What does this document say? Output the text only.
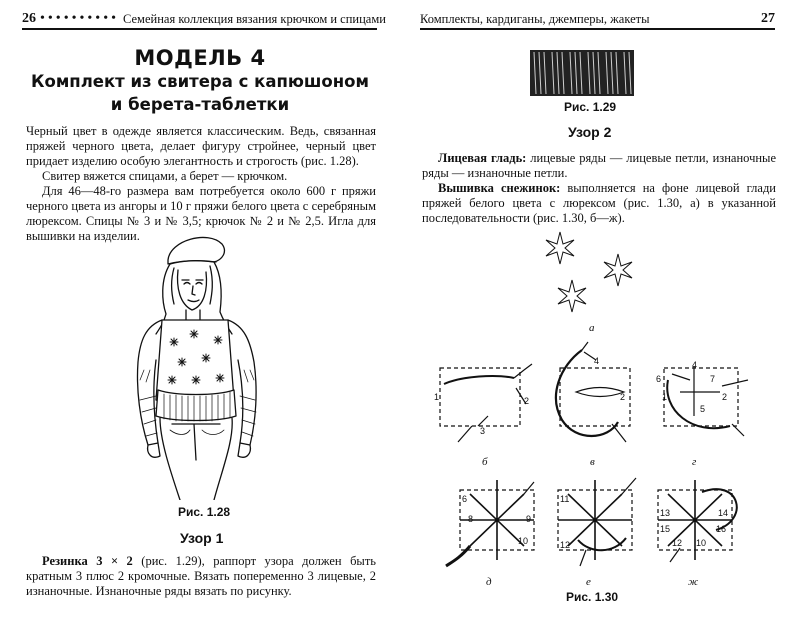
26 •••••••••• Семейная коллекция вязания крючком и спицами
МОДЕЛЬ 4
Комплект из свитера с капюшоном
и берета-таблетки

Черный цвет в одежде является классическим. Ведь, связанная пряжей черного цвета, делает фигуру стройнее, черный цвет придает изделию особую элегантность и строгость (рис. 1.28).

Свитер вяжется спицами, а берет — крючком.

Для 46—48-го размера вам потребуется около 600 г пряжи черного цвета из ангоры и 10 г пряжи белого цвета с серебряным люрексом. Спицы № 3 и № 3,5; крючок № 2 и № 2,5. Игла для вышивки на изделии.

Рис. 1.28
Узор 1

Резинка 3 × 2 (рис. 1.29), раппорт узора должен быть кратным 3 плюс 2 кромочные. Вязать попеременно 3 лицевые, 2 изнаночные. Изнаночные ряды вязать по рисунку.

Комплекты, кардиганы, джемперы, жакеты	27
Рис. 1.29
Узор 2

Лицевая гладь: лицевые ряды — лицевые петли, изнаночные ряды — изнаночные петли.

Вышивка снежинок: выполняется на фоне лицевой глади пряжей белого цвета с люрексом (рис. 1.30, а) в указанной последовательности (рис. 1.30, б—ж).

а
1	2
3
4
2
6
4
7
1
5
2
б	в	г
6
8	9
10
11
12
13	14
15	16
12 10
д	е	ж
Рис. 1.30
